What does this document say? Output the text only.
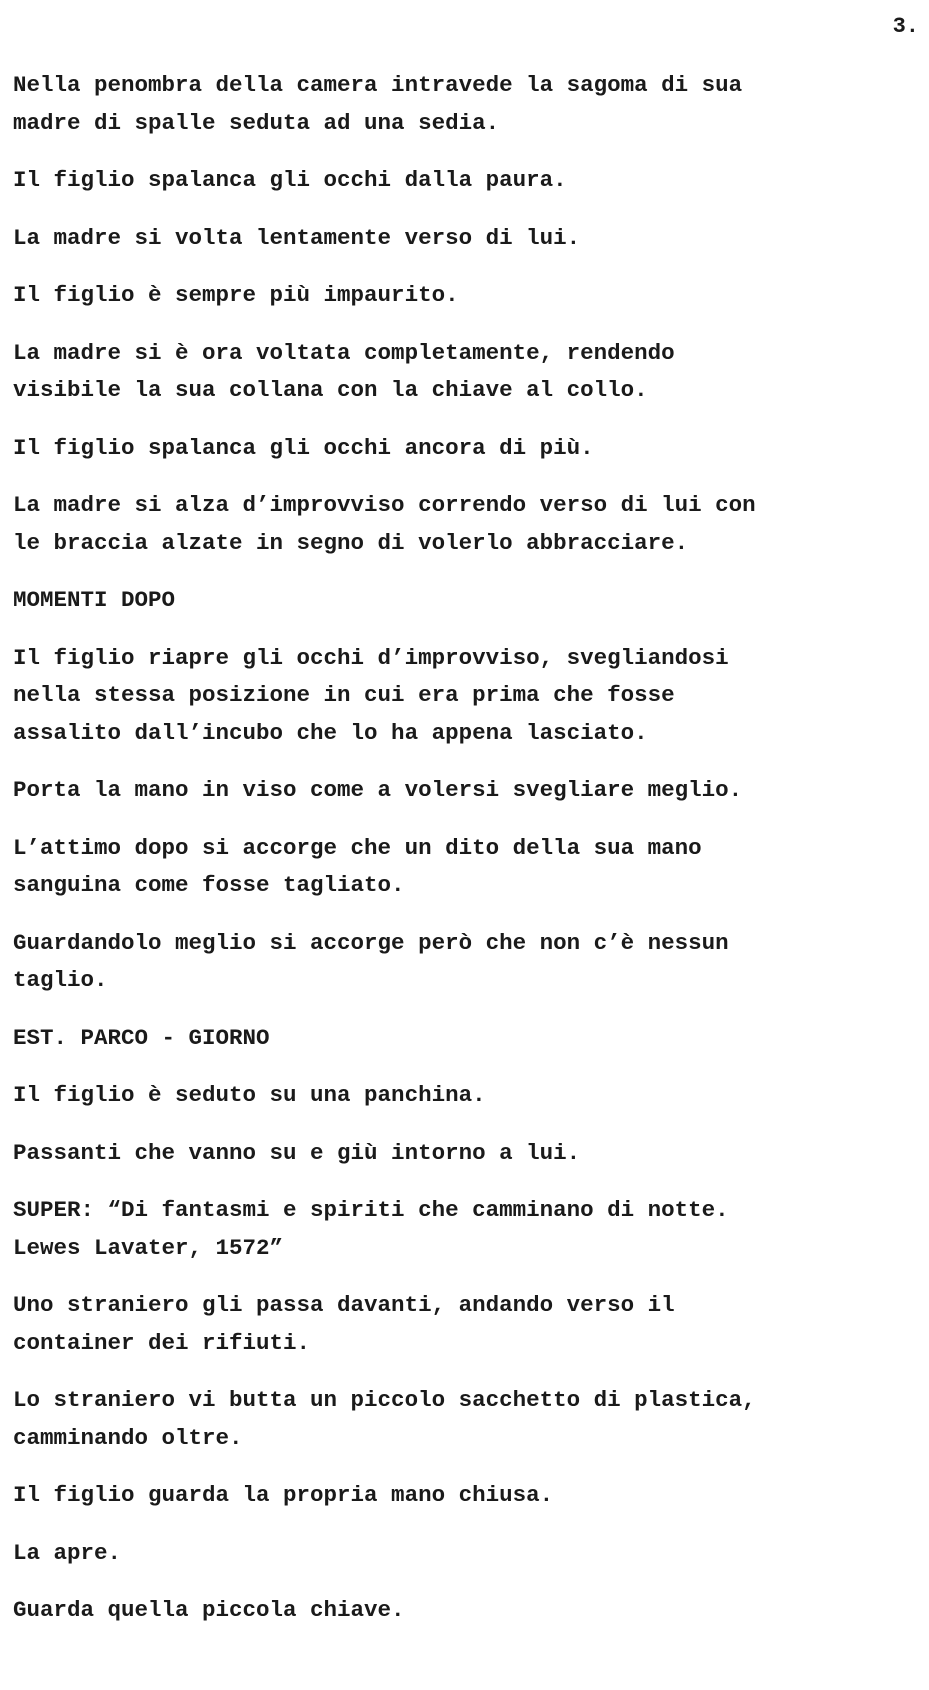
3.

Nella penombra della camera intravede la sagoma di sua
madre di spalle seduta ad una sedia.

Il figlio spalanca gli occhi dalla paura.

La madre si volta lentamente verso di lui.

Il figlio è sempre più impaurito.

La madre si è ora voltata completamente, rendendo
visibile la sua collana con la chiave al collo.

Il figlio spalanca gli occhi ancora di più.

La madre si alza d’improvviso correndo verso di lui con
le braccia alzate in segno di volerlo abbracciare.

MOMENTI DOPO

Il figlio riapre gli occhi d’improvviso, svegliandosi
nella stessa posizione in cui era prima che fosse
assalito dall’incubo che lo ha appena lasciato.

Porta la mano in viso come a volersi svegliare meglio.

L’attimo dopo si accorge che un dito della sua mano
sanguina come fosse tagliato.

Guardandolo meglio si accorge però che non c’è nessun
taglio.

EST. PARCO - GIORNO

Il figlio è seduto su una panchina.

Passanti che vanno su e giù intorno a lui.

SUPER: “Di fantasmi e spiriti che camminano di notte.
Lewes Lavater, 1572”

Uno straniero gli passa davanti, andando verso il
container dei rifiuti.

Lo straniero vi butta un piccolo sacchetto di plastica,
camminando oltre.

Il figlio guarda la propria mano chiusa.

La apre.

Guarda quella piccola chiave.
